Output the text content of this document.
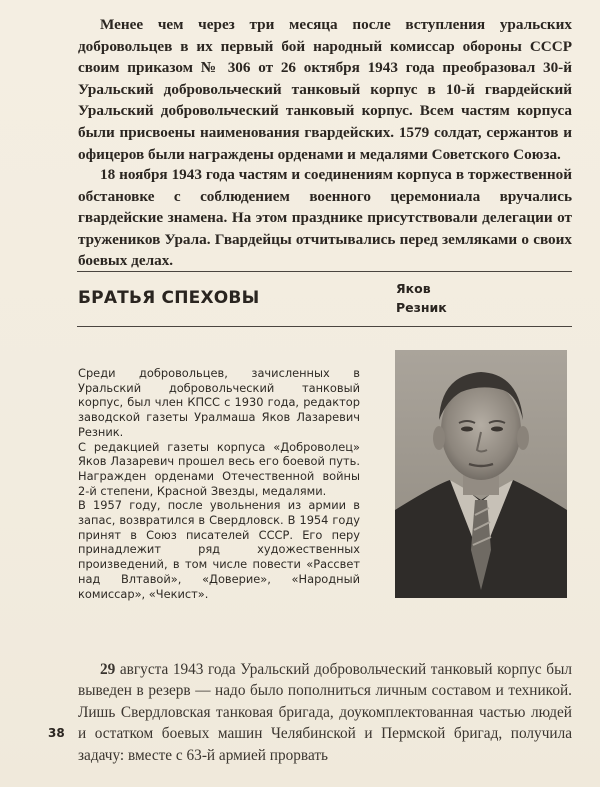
Менее чем через три месяца после вступления уральских добровольцев в их первый бой народный комиссар обороны СССР своим приказом № 306 от 26 октября 1943 года преобразовал 30-й Уральский добровольческий танковый корпус в 10-й гвардейский Уральский добровольческий танковый корпус. Всем частям корпуса были присвоены наименования гвардейских. 1579 солдат, сержантов и офицеров были награждены орденами и медалями Советского Союза.

18 ноября 1943 года частям и соединениям корпуса в торжественной обстановке с соблюдением военного церемониала вручались гвардейские знамена. На этом празднике присутствовали делегации от тружеников Урала. Гвардейцы отчитывались перед земляками о своих боевых делах.

БРАТЬЯ СПЕХОВЫ	Яков
Резник

Среди добровольцев, зачисленных в Уральский добровольческий танковый корпус, был член КПСС с 1930 года, редактор заводской газеты Уралмаша Яков Лазаревич Резник.

С редакцией газеты корпуса «Доброволец» Яков Лазаревич прошел весь его боевой путь. Награжден орденами Отечественной войны 2-й степени, Красной Звезды, медалями.

В 1957 году, после увольнения из армии в запас, возвратился в Свердловск. В 1954 году принят в Союз писателей СССР. Его перу принадлежит ряд художественных произведений, в том числе повести «Рассвет над Влтавой», «Доверие», «Народный комиссар», «Чекист».

29 августа 1943 года Уральский добровольческий танковый корпус был выведен в резерв — надо было пополниться личным составом и техникой. Лишь Свердловская танковая бригада, доукомплектованная частью людей и остатком боевых машин Челябинской и Пермской бригад, получила задачу: вместе с 63-й армией прорвать

38
